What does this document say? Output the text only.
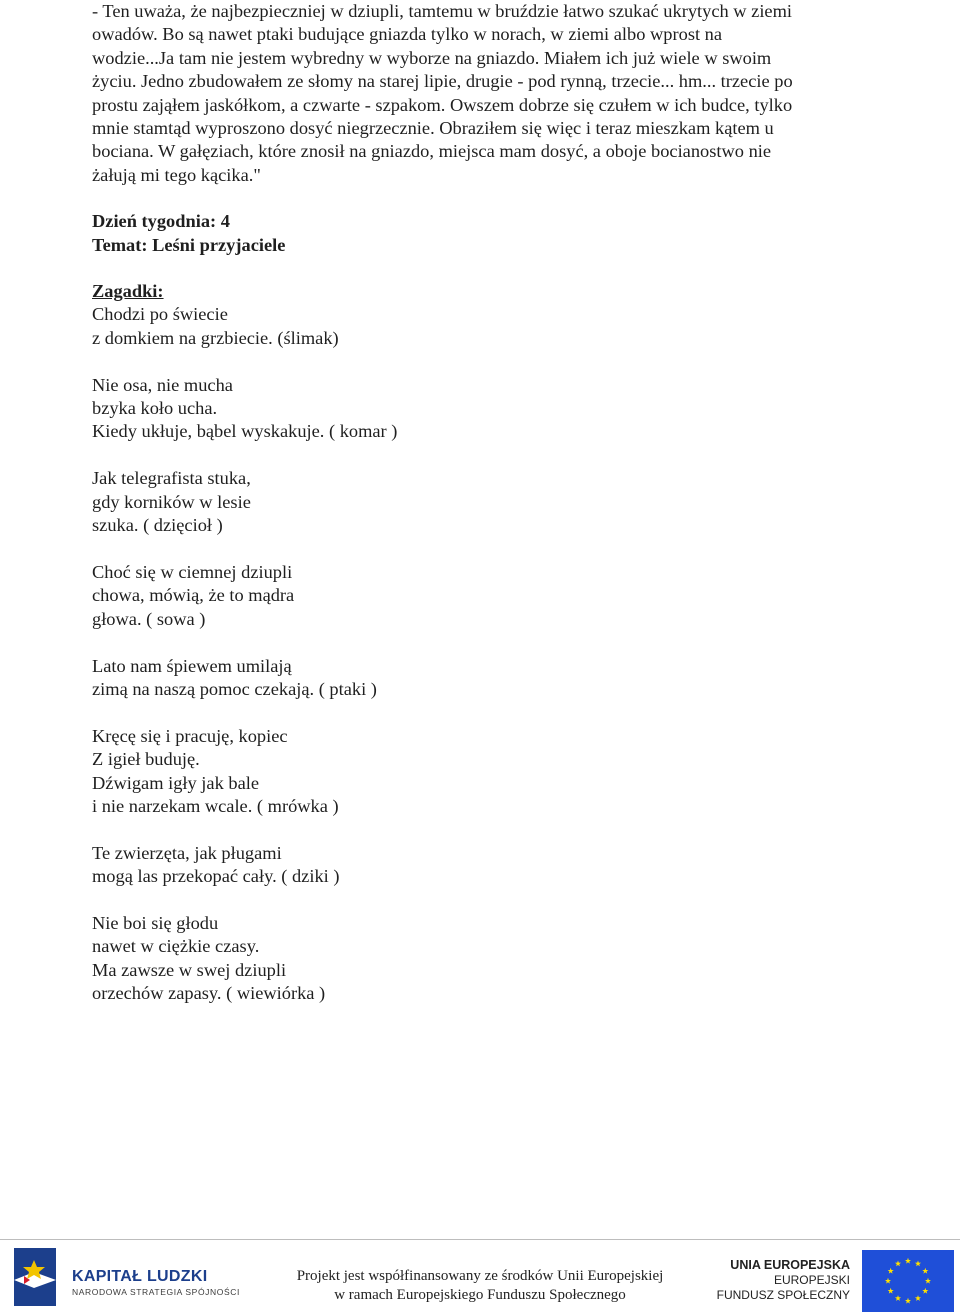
- Ten uważa, że najbezpieczniej w dziupli, tamtemu w bruździe łatwo szukać ukrytych w ziemi
owadów. Bo są nawet ptaki budujące gniazda tylko w norach, w ziemi albo wprost na
wodzie...Ja tam nie jestem wybredny w wyborze na gniazdo. Miałem ich już wiele w swoim
życiu. Jedno zbudowałem ze słomy na starej lipie, drugie - pod rynną, trzecie... hm... trzecie po
prostu zająłem jaskółkom, a czwarte - szpakom. Owszem dobrze się czułem w ich budce, tylko
mnie stamtąd wyproszono dosyć niegrzecznie. Obraziłem się więc i teraz mieszkam kątem u
bociana. W gałęziach, które znosił na gniazdo, miejsca mam dosyć, a oboje bocianostwo nie
żałują mi tego kącika."

Dzień tygodnia: 4

Temat: Leśni przyjaciele

Zagadki:

Chodzi po świecie
z domkiem na grzbiecie. (ślimak)
Nie osa, nie mucha
bzyka koło ucha.
Kiedy ukłuje, bąbel wyskakuje. ( komar )
Jak telegrafista stuka,
gdy korników w lesie
szuka. ( dzięcioł )
Choć się w ciemnej dziupli
chowa, mówią, że to mądra
głowa. ( sowa )
Lato nam śpiewem umilają
zimą na naszą pomoc czekają. ( ptaki )
Kręcę się i pracuję, kopiec
Z igieł buduję.
Dźwigam igły jak bale
i nie narzekam wcale. ( mrówka )
Te zwierzęta, jak pługami
mogą las przekopać cały. ( dziki )
Nie boi się głodu
nawet w ciężkie czasy.
Ma zawsze w swej dziupli
orzechów zapasy. ( wiewiórka )
KAPITAŁ LUDZKI
NARODOWA STRATEGIA SPÓJNOŚCI
Projekt jest współfinansowany ze środków Unii Europejskiej
w ramach Europejskiego Funduszu Społecznego
UNIA EUROPEJSKA
EUROPEJSKI
FUNDUSZ SPOŁECZNY
